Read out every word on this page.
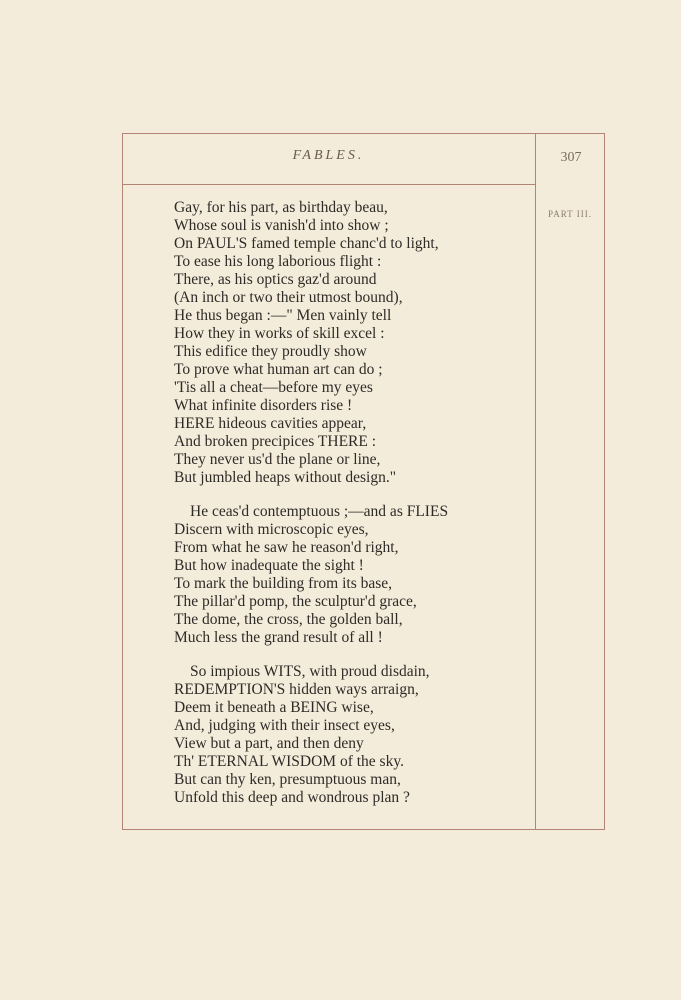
FABLES.	307
PART III.

Gay, for his part, as birthday beau,
Whose soul is vanish'd into show ;
On PAUL'S famed temple chanc'd to light,
To ease his long laborious flight :
There, as his optics gaz'd around
(An inch or two their utmost bound),
He thus began :—" Men vainly tell
How they in works of skill excel :
This edifice they proudly show
To prove what human art can do ;
'Tis all a cheat—before my eyes
What infinite disorders rise !
HERE hideous cavities appear,
And broken precipices THERE :
They never us'd the plane or line,
But jumbled heaps without design."

He ceas'd contemptuous ;—and as FLIES
Discern with microscopic eyes,
From what he saw he reason'd right,
But how inadequate the sight !
To mark the building from its base,
The pillar'd pomp, the sculptur'd grace,
The dome, the cross, the golden ball,
Much less the grand result of all !

So impious WITS, with proud disdain,
REDEMPTION'S hidden ways arraign,
Deem it beneath a BEING wise,
And, judging with their insect eyes,
View but a part, and then deny
Th' ETERNAL WISDOM of the sky.
But can thy ken, presumptuous man,
Unfold this deep and wondrous plan ?
